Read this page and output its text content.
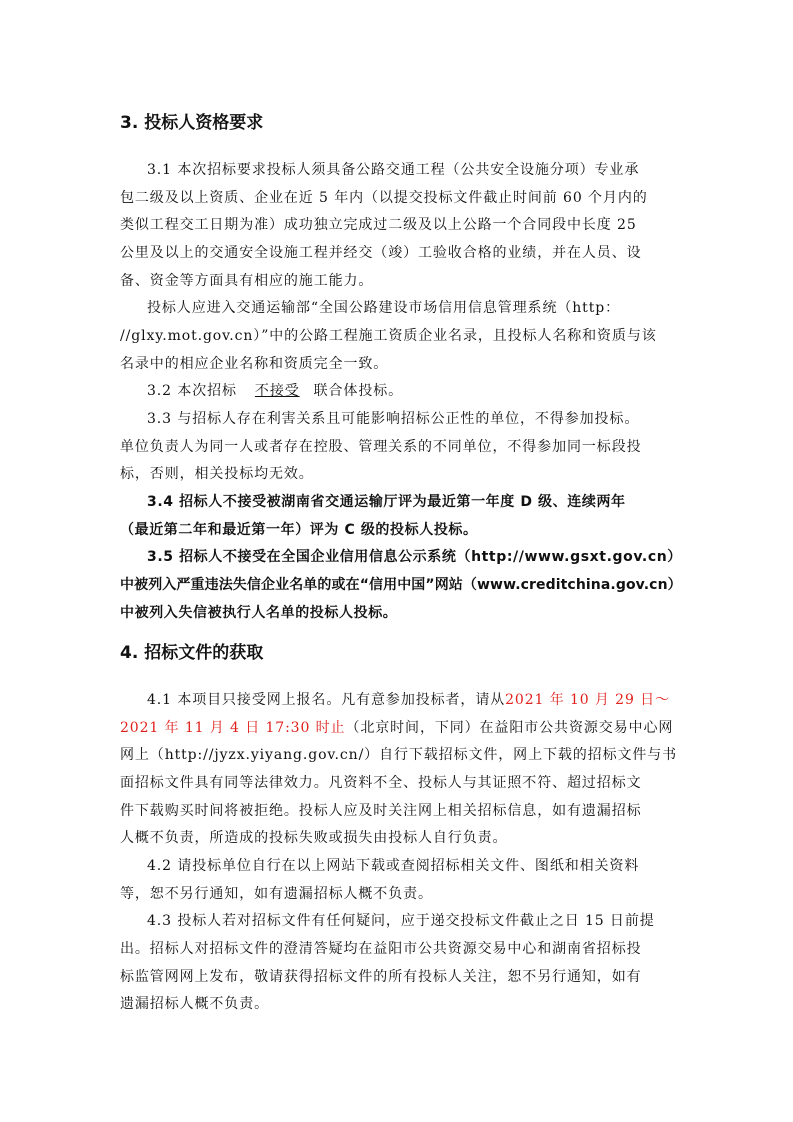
3. 投标人资格要求
3.1 本次招标要求投标人须具备公路交通工程（公共安全设施分项）专业承
包二级及以上资质、企业在近 5 年内（以提交投标文件截止时间前 60 个月内的
类似工程交工日期为准）成功独立完成过二级及以上公路一个合同段中长度 25
公里及以上的交通安全设施工程并经交（竣）工验收合格的业绩，并在人员、设
备、资金等方面具有相应的施工能力。
投标人应进入交通运输部“全国公路建设市场信用信息管理系统（http：
//glxy.mot.gov.cn）”中的公路工程施工资质企业名录，且投标人名称和资质与该
名录中的相应企业名称和资质完全一致。
3.2 本次招标 不接受 联合体投标。
3.3 与招标人存在利害关系且可能影响招标公正性的单位，不得参加投标。
单位负责人为同一人或者存在控股、管理关系的不同单位，不得参加同一标段投
标，否则，相关投标均无效。
3.4 招标人不接受被湖南省交通运输厅评为最近第一年度 D 级、连续两年
（最近第二年和最近第一年）评为 C 级的投标人投标。
3.5 招标人不接受在全国企业信用信息公示系统（http://www.gsxt.gov.cn）
中被列入严重违法失信企业名单的或在“信用中国”网站（www.creditchina.gov.cn）
中被列入失信被执行人名单的投标人投标。
4. 招标文件的获取
4.1 本项目只接受网上报名。凡有意参加投标者，请从2021 年 10 月 29 日～
2021 年 11 月 4 日 17:30 时止（北京时间，下同）在益阳市公共资源交易中心网
网上（http://jyzx.yiyang.gov.cn/）自行下载招标文件，网上下载的招标文件与书
面招标文件具有同等法律效力。凡资料不全、投标人与其证照不符、超过招标文
件下载购买时间将被拒绝。投标人应及时关注网上相关招标信息，如有遗漏招标
人概不负责，所造成的投标失败或损失由投标人自行负责。
4.2 请投标单位自行在以上网站下载或查阅招标相关文件、图纸和相关资料
等，恕不另行通知，如有遗漏招标人概不负责。
4.3 投标人若对招标文件有任何疑问，应于递交投标文件截止之日 15 日前提
出。招标人对招标文件的澄清答疑均在益阳市公共资源交易中心和湖南省招标投
标监管网网上发布，敬请获得招标文件的所有投标人关注，恕不另行通知，如有
遗漏招标人概不负责。
